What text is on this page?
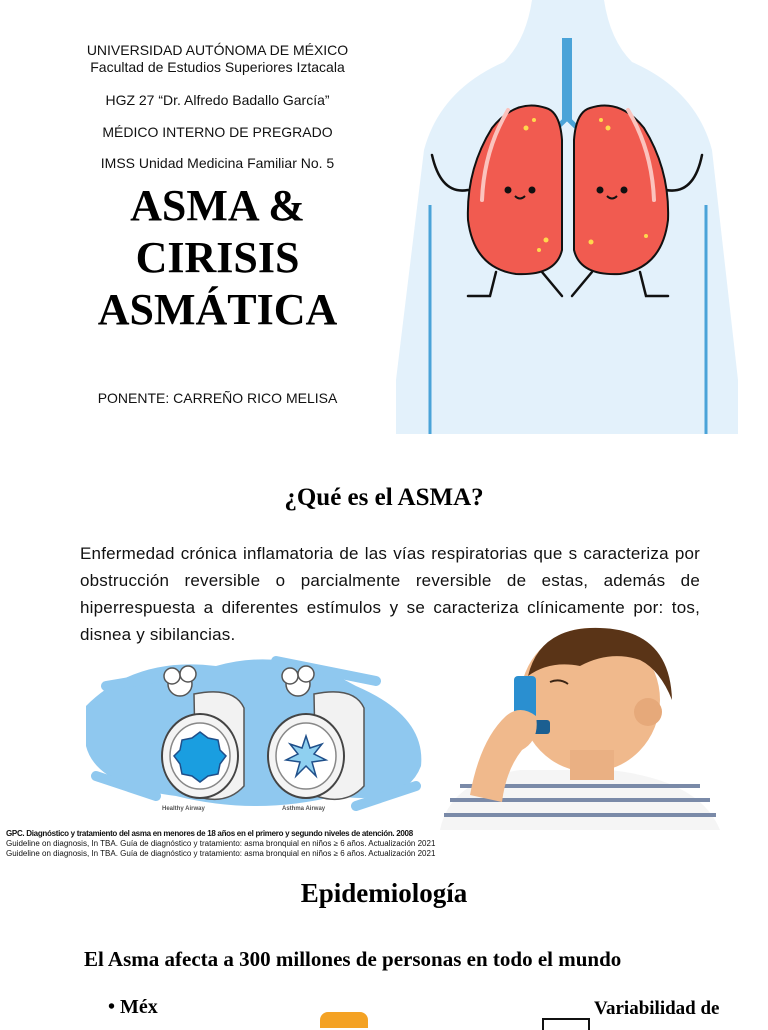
UNIVERSIDAD AUTÓNOMA DE MÉXICO
Facultad de Estudios Superiores Iztacala
HGZ 27 “Dr. Alfredo Badallo García”
MÉDICO INTERNO DE PREGRADO
IMSS Unidad Medicina Familiar No. 5
ASMA &
CIRISIS
ASMÁTICA
PONENTE: CARREÑO RICO MELISA
¿Qué es el ASMA?
Enfermedad crónica inflamatoria de las vías respiratorias que s caracteriza por obstrucción reversible o parcialmente reversible de estas, además de hiperrespuesta a diferentes estímulos y se caracteriza clínicamente por: tos, disnea y sibilancias.
Healthy Airway	Asthma Airway
GPC. Diagnóstico y tratamiento del asma en menores de 18 años en el primero y segundo niveles de atención. 2008
Guideline on diagnosis, In TBA. Guía de diagnóstico y tratamiento: asma bronquial en niños ≥ 6 años. Actualización 2021
Guideline on diagnosis, In TBA. Guía de diagnóstico y tratamiento: asma bronquial en niños ≥ 6 años. Actualización 2021
Epidemiología
El Asma afecta a 300 millones de personas en todo el mundo
• Méx	Variabilidad de
